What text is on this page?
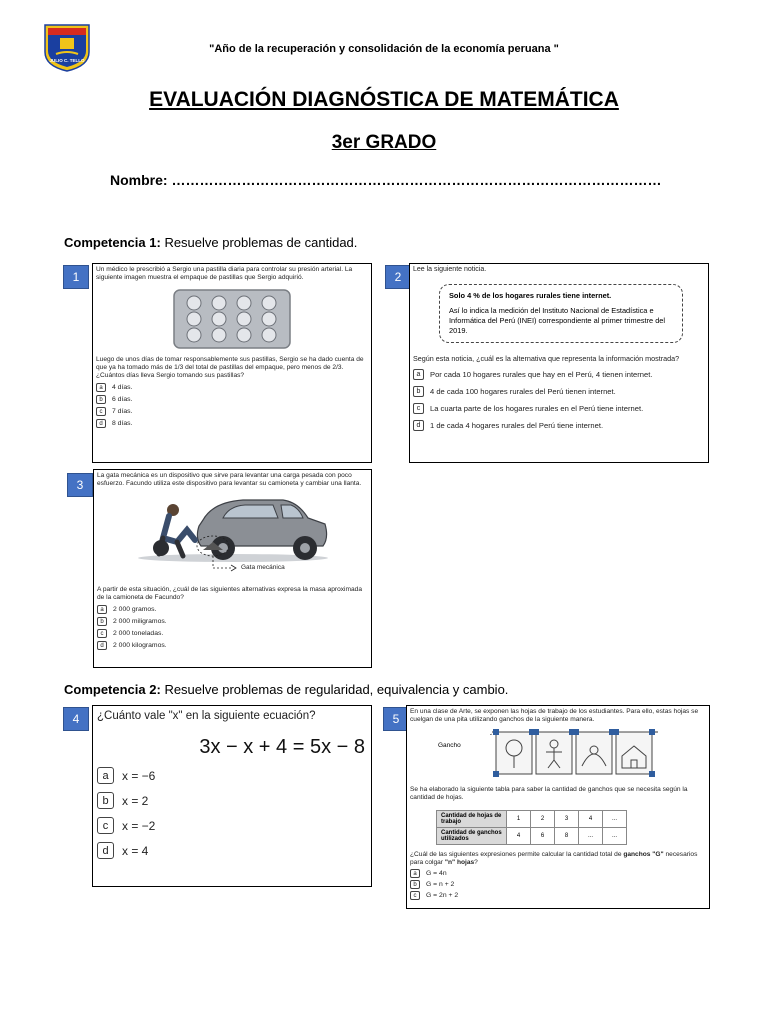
JULIO C. TELLO
"Año de la recuperación y consolidación de la economía peruana "
EVALUACIÓN DIAGNÓSTICA DE MATEMÁTICA
3er GRADO
Nombre: ……………………………………………………………………………………………
Competencia 1: Resuelve problemas de cantidad.
1
Un médico le prescribió a Sergio una pastilla diaria para controlar su presión arterial. La siguiente imagen muestra el empaque de pastillas que Sergio adquirió.
Luego de unos días de tomar responsablemente sus pastillas, Sergio se ha dado cuenta de que ya ha tomado más de 1/3 del total de pastillas del empaque, pero menos de 2/3. ¿Cuántos días lleva Sergio tomando sus pastillas?
a	4 días.
b	6 días.
c	7 días.
d	8 días.
2
Lee la siguiente noticia.
Solo 4 % de los hogares rurales tiene internet.
Así lo indica la medición del Instituto Nacional de Estadística e Informática del Perú (INEI) correspondiente al primer trimestre del 2019.
Según esta noticia, ¿cuál es la alternativa que representa la información mostrada?
a	Por cada 10 hogares rurales que hay en el Perú, 4 tienen internet.
b	4 de cada 100 hogares rurales del Perú tienen internet.
c	La cuarta parte de los hogares rurales en el Perú tiene internet.
d	1 de cada 4 hogares rurales del Perú tiene internet.
3
La gata mecánica es un dispositivo que sirve para levantar una carga pesada con poco esfuerzo. Facundo utiliza este dispositivo para levantar su camioneta y cambiar una llanta.
Gata mecánica
A partir de esta situación, ¿cuál de las siguientes alternativas expresa la masa aproximada de la camioneta de Facundo?
a	2 000 gramos.
b	2 000 miligramos.
c	2 000 toneladas.
d	2 000 kilogramos.
Competencia 2: Resuelve problemas de regularidad, equivalencia y cambio.
4	¿Cuánto vale "x" en la siguiente ecuación?
3x − x + 4 = 5x − 8
a	x = −6
b	x = 2
c	x = −2
d	x = 4
5
En una clase de Arte, se exponen las hojas de trabajo de los estudiantes. Para ello, estas hojas se cuelgan de una pita utilizando ganchos de la siguiente manera.
Gancho
Se ha elaborado la siguiente tabla para saber la cantidad de ganchos que se necesita según la cantidad de hojas.
Cantidad de hojas de trabajo	1	2	3	4	...
Cantidad de ganchos utilizados	4	6	8	...	...
¿Cuál de las siguientes expresiones permite calcular la cantidad total de ganchos "G" necesarios para colgar "n" hojas?
a	G = 4n
b	G = n + 2
c	G = 2n + 2
